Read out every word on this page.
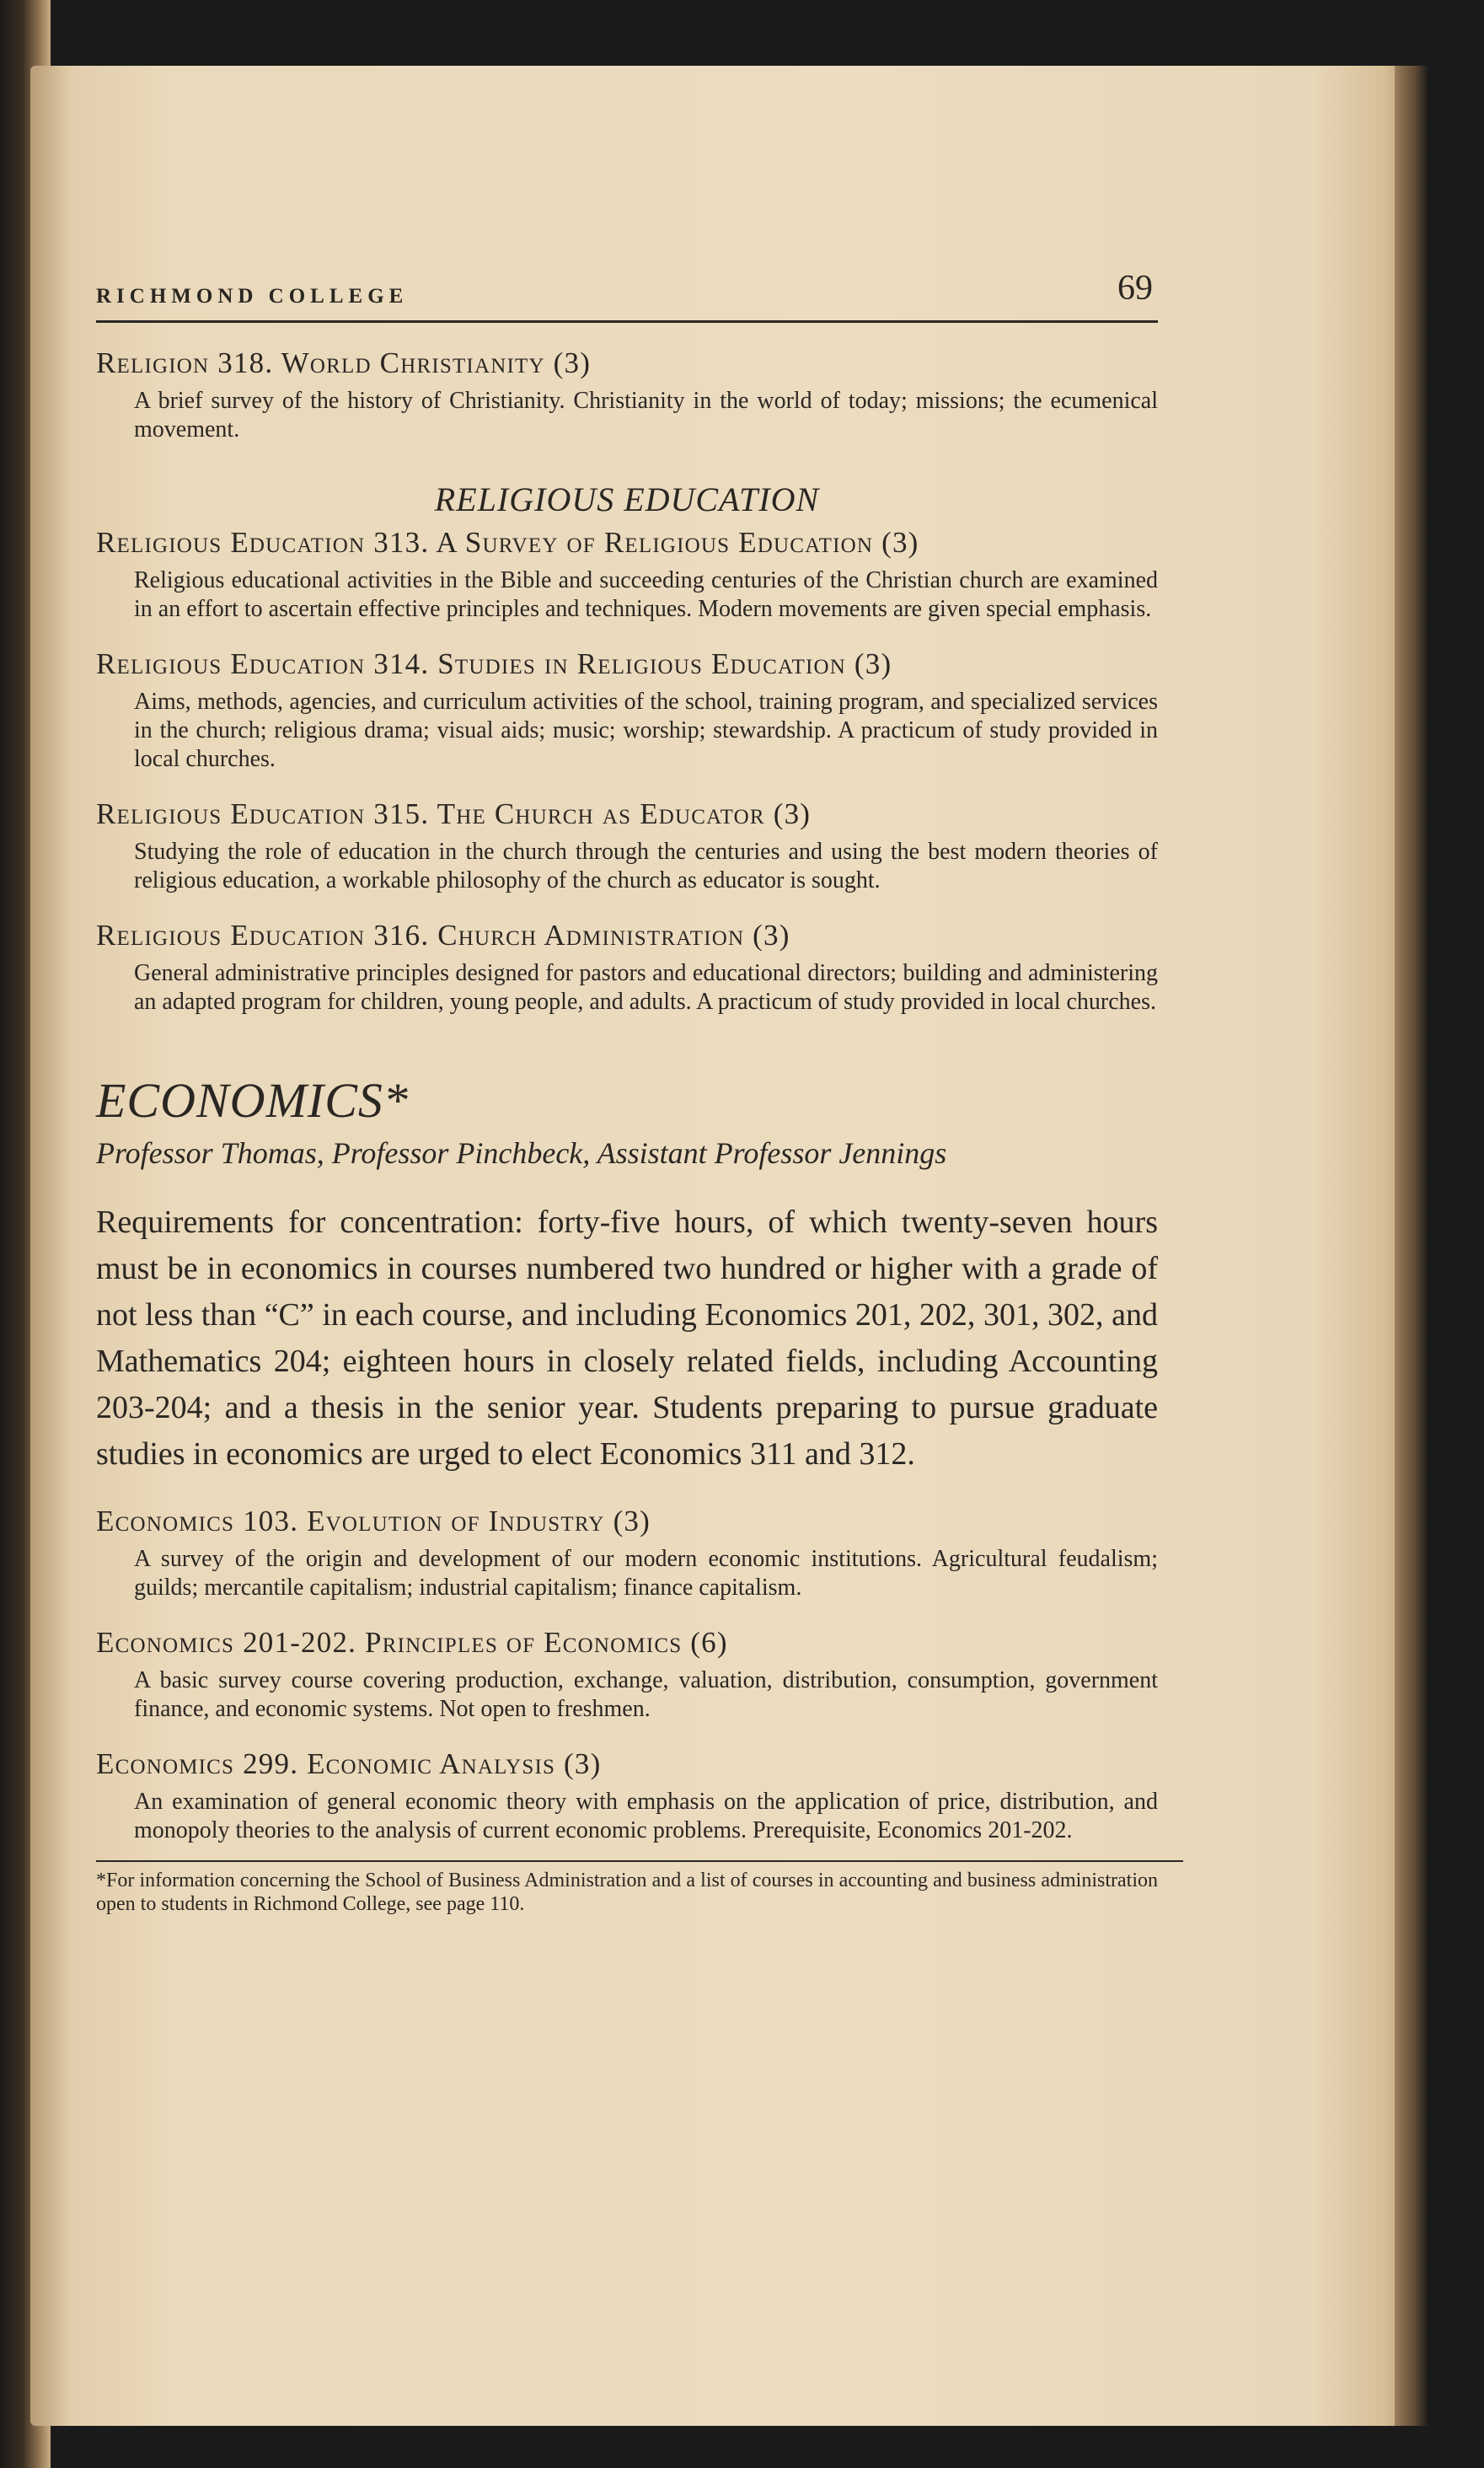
RICHMOND COLLEGE	69
Religion 318. World Christianity (3)
A brief survey of the history of Christianity. Christianity in the world of today; missions; the ecumenical movement.
RELIGIOUS EDUCATION
Religious Education 313. A Survey of Religious Education (3)
Religious educational activities in the Bible and succeeding centuries of the Christian church are examined in an effort to ascertain effective principles and techniques. Modern movements are given special emphasis.
Religious Education 314. Studies in Religious Education (3)
Aims, methods, agencies, and curriculum activities of the school, training program, and specialized services in the church; religious drama; visual aids; music; worship; stewardship. A practicum of study provided in local churches.
Religious Education 315. The Church as Educator (3)
Studying the role of education in the church through the centuries and using the best modern theories of religious education, a workable philosophy of the church as educator is sought.
Religious Education 316. Church Administration (3)
General administrative principles designed for pastors and educational directors; building and administering an adapted program for children, young people, and adults. A practicum of study provided in local churches.
ECONOMICS*
Professor Thomas, Professor Pinchbeck, Assistant Professor Jennings
Requirements for concentration: forty-five hours, of which twenty-seven hours must be in economics in courses numbered two hundred or higher with a grade of not less than “C” in each course, and including Economics 201, 202, 301, 302, and Mathematics 204; eighteen hours in closely related fields, including Accounting 203-204; and a thesis in the senior year. Students preparing to pursue graduate studies in economics are urged to elect Economics 311 and 312.
Economics 103. Evolution of Industry (3)
A survey of the origin and development of our modern economic institutions. Agricultural feudalism; guilds; mercantile capitalism; industrial capitalism; finance capitalism.
Economics 201-202. Principles of Economics (6)
A basic survey course covering production, exchange, valuation, distribution, consumption, government finance, and economic systems. Not open to freshmen.
Economics 299. Economic Analysis (3)
An examination of general economic theory with emphasis on the application of price, distribution, and monopoly theories to the analysis of current economic problems. Prerequisite, Economics 201-202.
*For information concerning the School of Business Administration and a list of courses in accounting and business administration open to students in Richmond College, see page 110.
